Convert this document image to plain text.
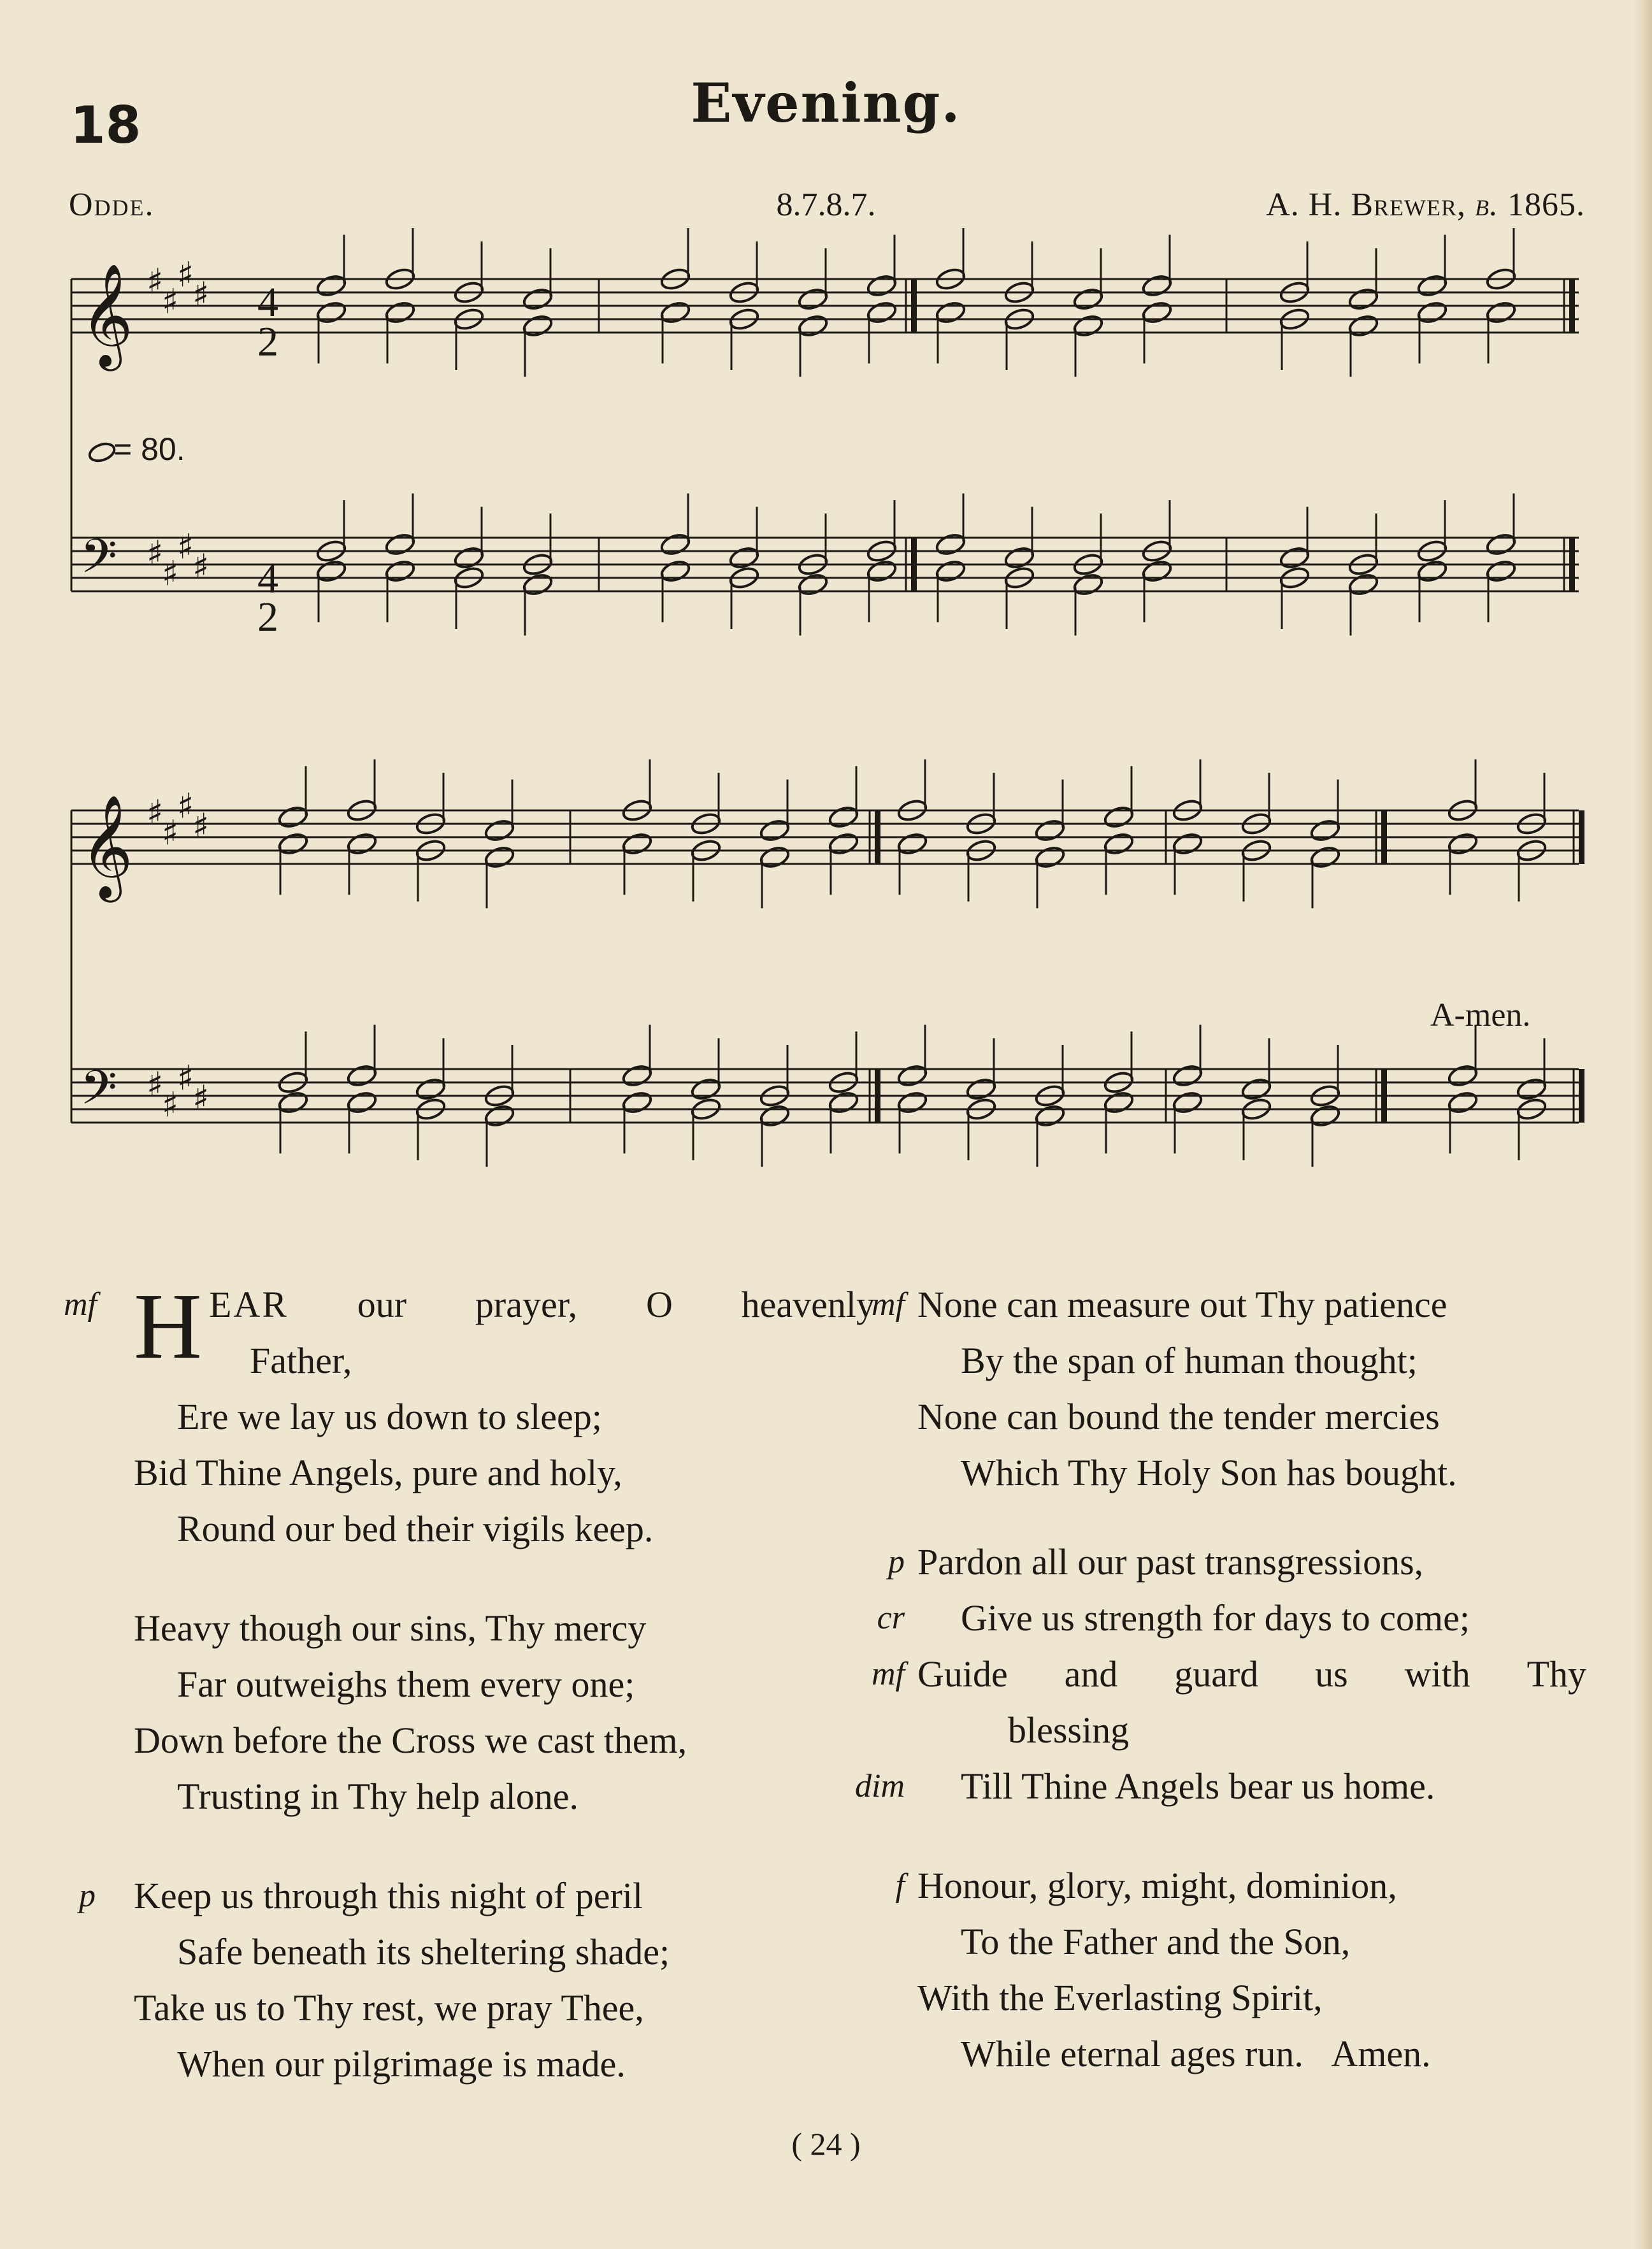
18	Evening.
Odde.	8.7.8.7.	A. H. Brewer, b. 1865.
𝄞 ♯
♯
♯
♯
𝄢 ♯
♯
♯
♯
𝄞 ♯
♯
♯
♯
𝄢 ♯
♯
♯
♯
= 80.
A-men.
4
2
4
2
mf H EAR our prayer, O heavenly
Father,
Ere we lay us down to sleep;
Bid Thine Angels, pure and holy,
Round our bed their vigils keep.
Heavy though our sins, Thy mercy
Far outweighs them every one;
Down before the Cross we cast them,
Trusting in Thy help alone.
p Keep us through this night of peril
Safe beneath its sheltering shade;
Take us to Thy rest, we pray Thee,
When our pilgrimage is made.
mf None can measure out Thy patience
By the span of human thought;
None can bound the tender mercies
Which Thy Holy Son has bought.
p Pardon all our past transgressions,
cr Give us strength for days to come;
mf Guide and guard us with Thy
blessing
dim Till Thine Angels bear us home.
f Honour, glory, might, dominion,
To the Father and the Son,
With the Everlasting Spirit,
While eternal ages run. Amen.
( 24 )
